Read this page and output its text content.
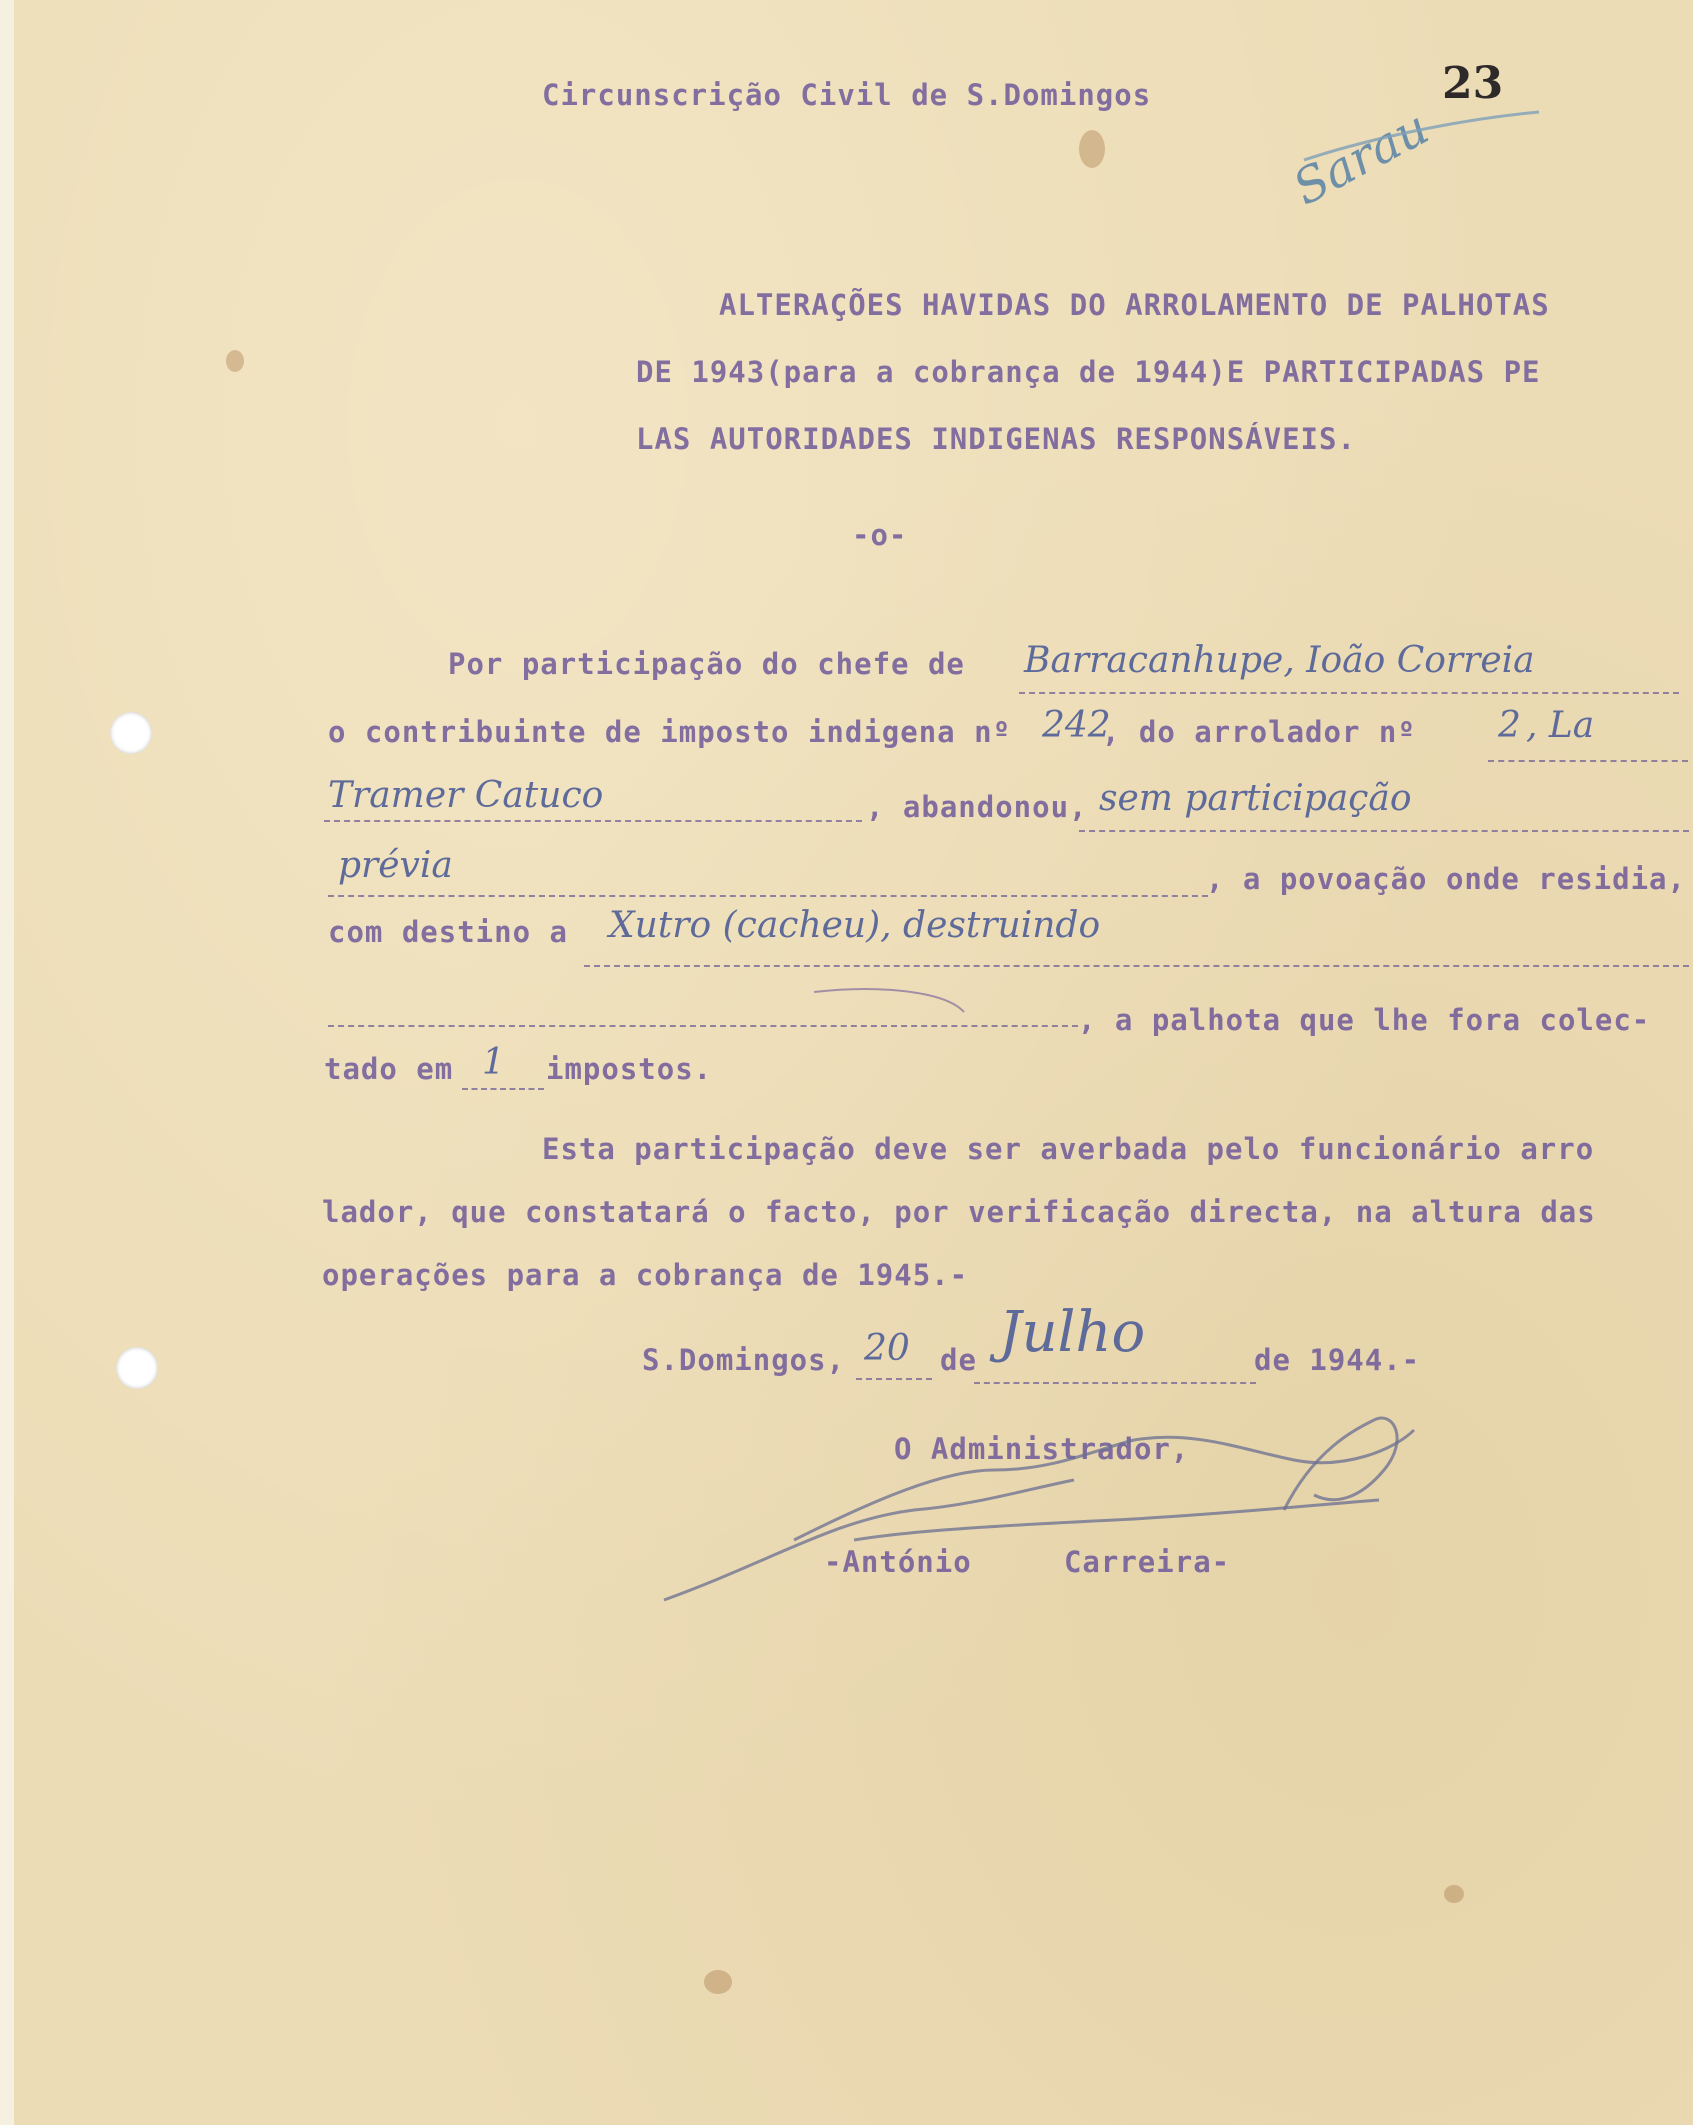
Circunscrição Civil de S.Domingos	23
Sarau
ALTERAÇÕES HAVIDAS DO ARROLAMENTO DE PALHOTAS
DE 1943(para a cobrança de 1944)E PARTICIPADAS PE
LAS AUTORIDADES INDIGENAS RESPONSÁVEIS.
-o-
Por participação do chefe de Barracanhupe, Ioão Correia
o contribuinte de imposto indigena nº 242
, do arrolador nº 2 , La
Tramer Catuco	, abandonou, sem participação
prévia	, a povoação onde residia,
com destino a Xutro (cacheu), destruindo
, a palhota que lhe fora colec-
tado em 1 impostos.
Esta participação deve ser averbada pelo funcionário arro
lador, que constatará o facto, por verificação directa, na altura das
operações para a cobrança de 1945.-
S.Domingos, 20 de Julho	de 1944.-
O Administrador,
-António     Carreira-
